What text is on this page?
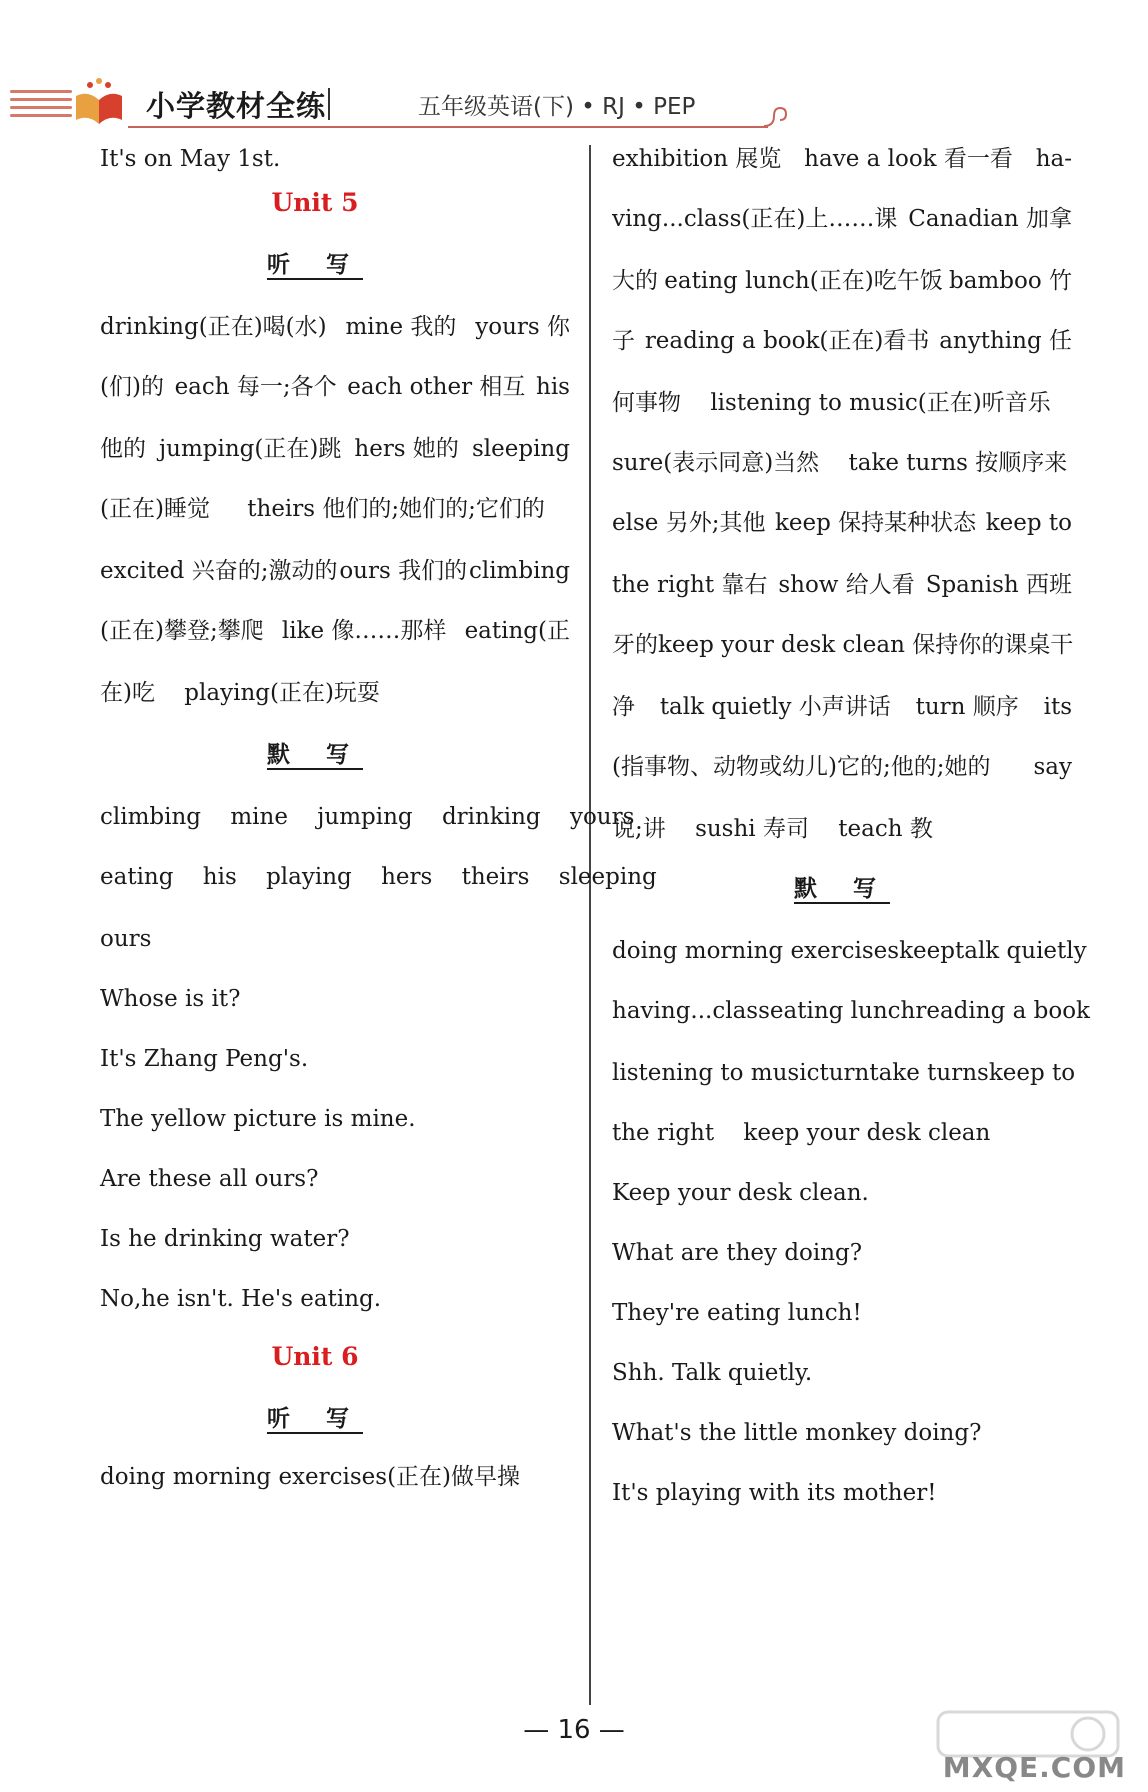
小学教材全练	五年级英语(下) • RJ • PEP
It's on May 1st.
Unit 5
听 写
drinking(正在)喝(水) mine 我的 yours 你
(们)的 each 每一;各个 each other 相互 his
他的 jumping(正在)跳 hers 她的 sleeping
(正在)睡觉 theirs 他们的;她们的;它们的
excited 兴奋的;激动的 ours 我们的 climbing
(正在)攀登;攀爬 like 像……那样 eating(正
在)吃 playing(正在)玩耍
默 写
climbing mine jumping drinking yours
eating his playing hers theirs sleeping
ours
Whose is it?
It's Zhang Peng's.
The yellow picture is mine.
Are these all ours?
Is he drinking water?
No,he isn't. He's eating.
Unit 6
听 写
doing morning exercises(正在)做早操
exhibition 展览 have a look 看一看 ha-
ving...class(正在)上……课 Canadian 加拿
大的 eating lunch(正在)吃午饭 bamboo 竹
子 reading a book(正在)看书 anything 任
何事物 listening to music(正在)听音乐
sure(表示同意)当然 take turns 按顺序来
else 另外;其他 keep 保持某种状态 keep to
the right 靠右 show 给人看 Spanish 西班
牙的 keep your desk clean 保持你的课桌干
净 talk quietly 小声讲话 turn 顺序 its
(指事物、动物或幼儿)它的;他的;她的 say
说;讲 sushi 寿司 teach 教
默 写
doing morning exercises keep talk quietly
having...class eating lunch reading a book
listening to music turn take turns keep to
the right keep your desk clean
Keep your desk clean.
What are they doing?
They're eating lunch!
Shh. Talk quietly.
What's the little monkey doing?
It's playing with its mother!
— 16 —
MXQE.COM
